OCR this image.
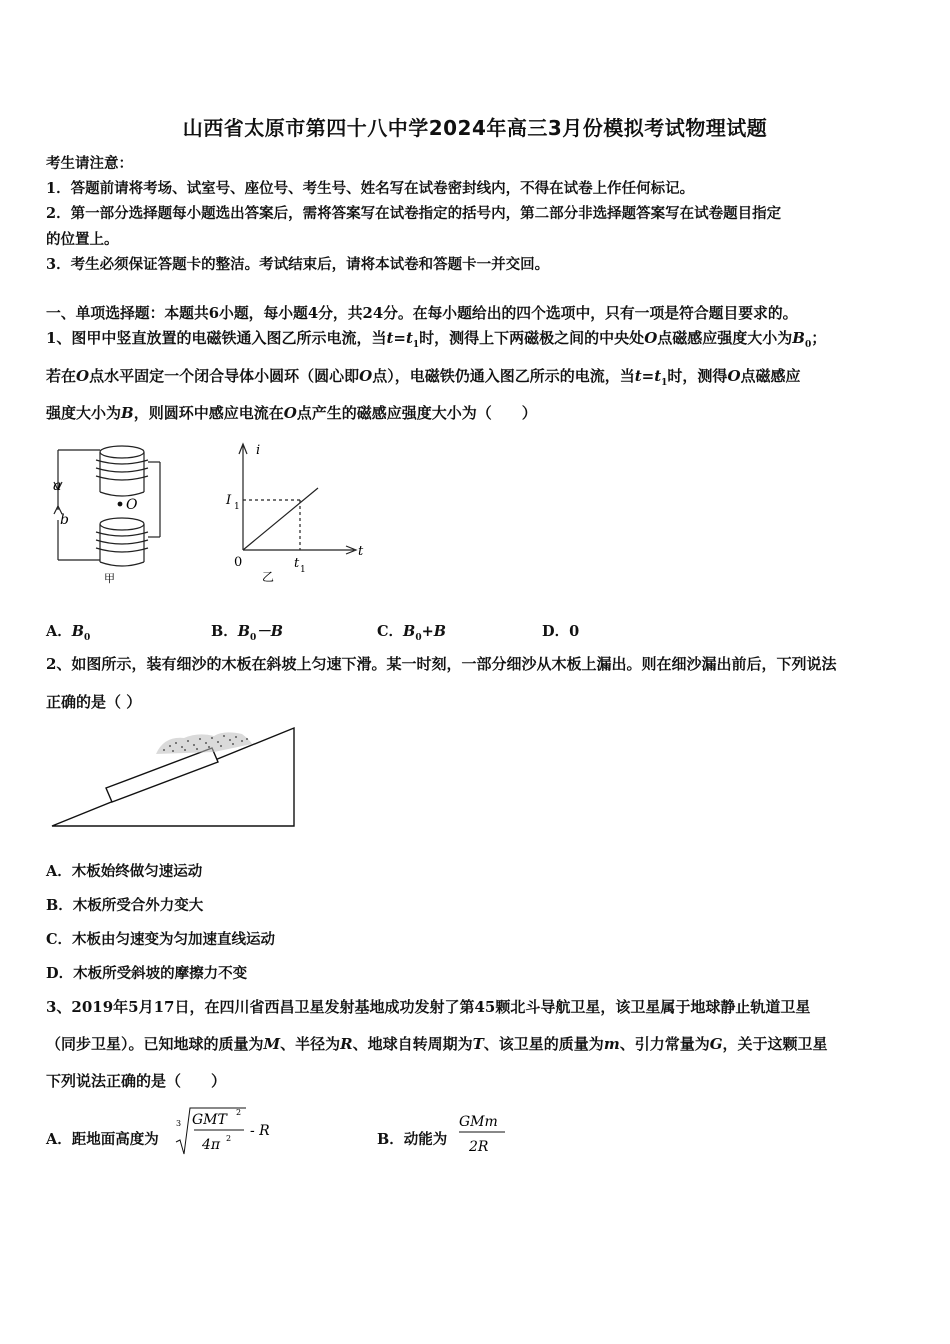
山西省太原市第四十八中学2024年高三3月份模拟考试物理试题
考生请注意：
1．答题前请将考场、试室号、座位号、考生号、姓名写在试卷密封线内，不得在试卷上作任何标记。
2．第一部分选择题每小题选出答案后，需将答案写在试卷指定的括号内，第二部分非选择题答案写在试卷题目指定
的位置上。
3．考生必须保证答题卡的整洁。考试结束后，请将本试卷和答题卡一并交回。
一、单项选择题：本题共6小题，每小题4分，共24分。在每小题给出的四个选项中，只有一项是符合题目要求的。
1、图甲中竖直放置的电磁铁通入图乙所示电流，当$t=t_1$时，测得上下两磁极之间的中央处O点磁感应强度大小为$B_0$；
若在O点水平固定一个闭合导体小圆环（圆心即O点），电磁铁仍通入图乙所示的电流，当$t=t_1$时，测得O点磁感应
强度大小为B，则圆环中感应电流在O点产生的磁感应强度大小为（　　）
a
b
O
甲
i
t
I 1
0	t 1
乙
A．$B_0$	B．$B_0-B$	C．$B_0+B$	D．0
2、如图所示，装有细沙的木板在斜坡上匀速下滑。某一时刻，一部分细沙从木板上漏出。则在细沙漏出前后，下列说法
正确的是（ ）
A．木板始终做匀速运动
B．木板所受合外力变大
C．木板由匀速变为匀加速直线运动
D．木板所受斜坡的摩擦力不变
3、2019年5月17日，在四川省西昌卫星发射基地成功发射了第45颗北斗导航卫星，该卫星属于地球静止轨道卫星
（同步卫星）。已知地球的质量为M、半径为R、地球自转周期为T、该卫星的质量为m、引力常量为G，关于这颗卫星
下列说法正确的是（　　）
A．距地面高度为
3 GMT 2
4π 2 - R	B．动能为
GMm
2R
